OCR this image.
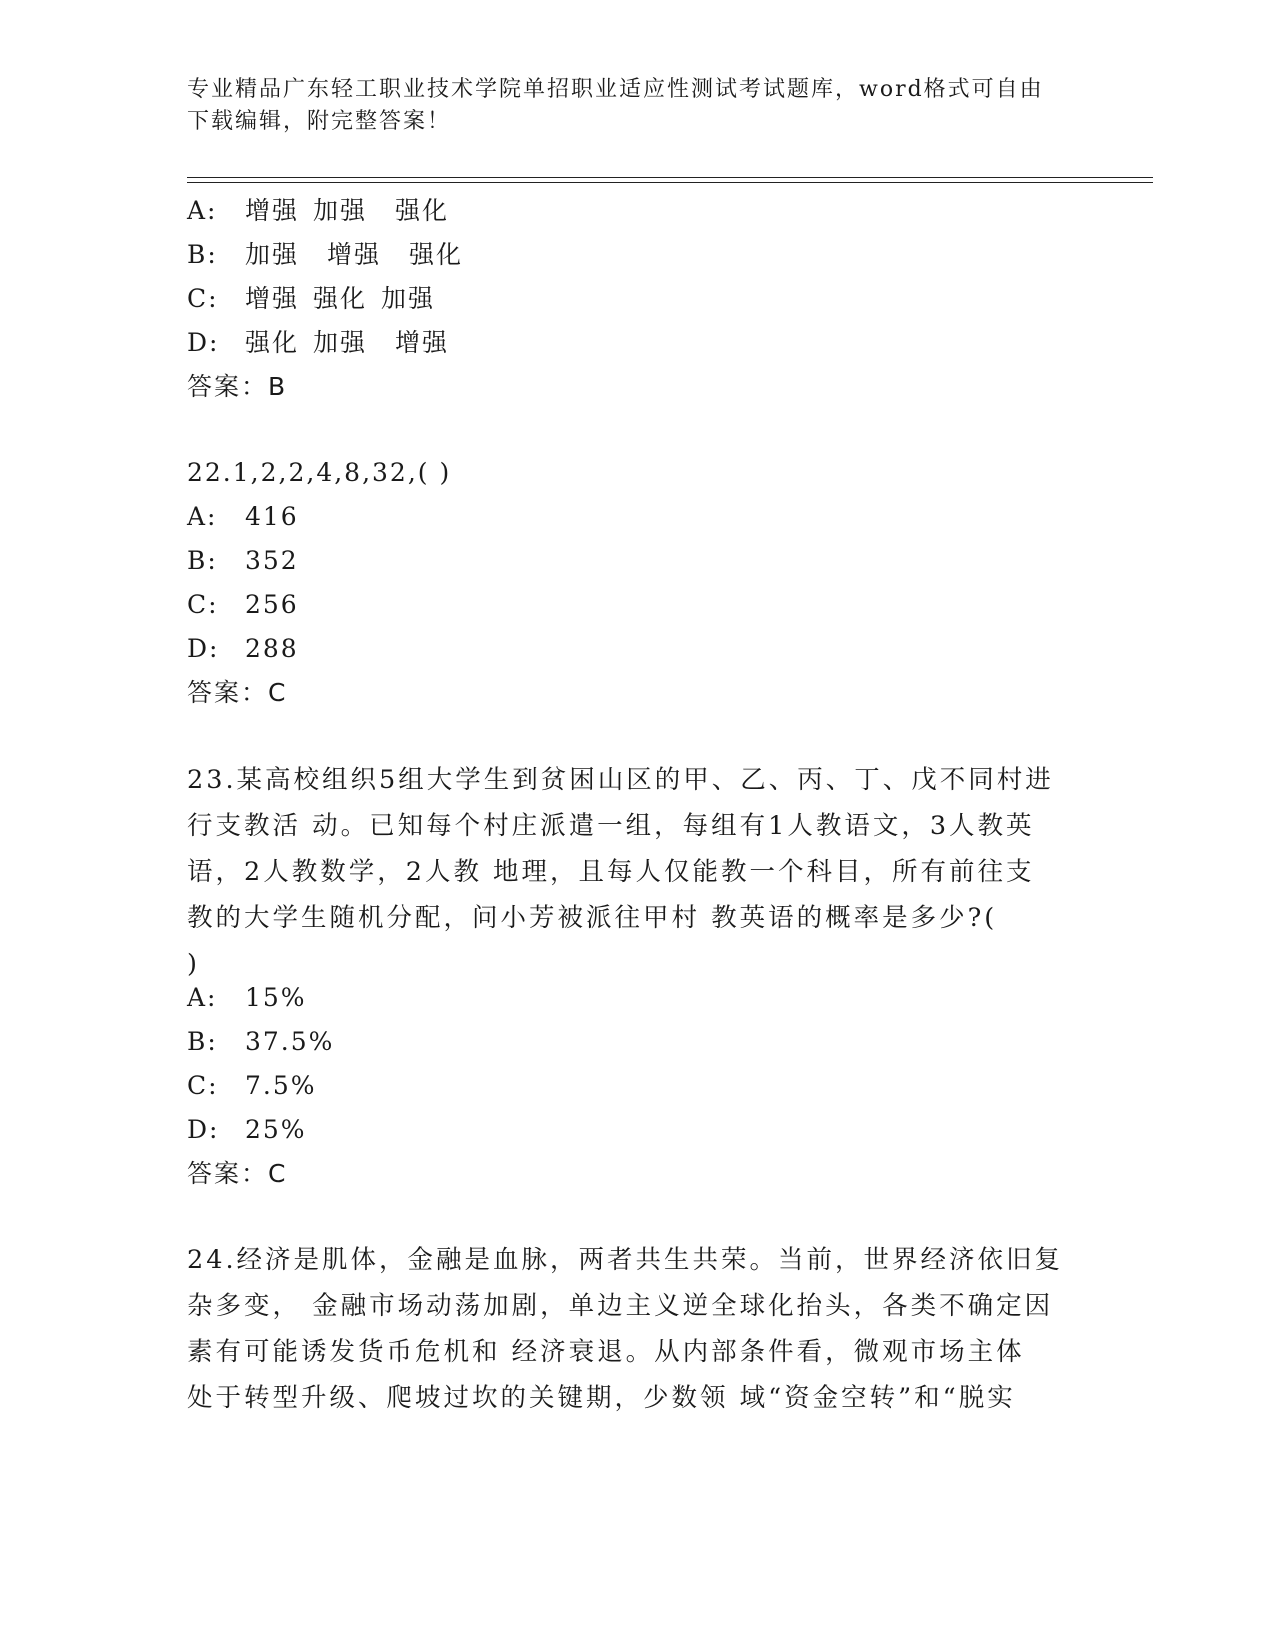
专业精品广东轻工职业技术学院单招职业适应性测试考试题库，word格式可自由
下载编辑，附完整答案！
A: 增强 加强 强化
B: 加强 增强 强化
C: 增强 强化 加强
D: 强化 加强 增强
答案：B
22.1,2,2,4,8,32,( )
A: 416
B: 352
C: 256
D: 288
答案：C
23.某高校组织5组大学生到贫困山区的甲、乙、丙、丁、戊不同村进
行支教活 动。已知每个村庄派遣一组，每组有1人教语文，3人教英
语，2人教数学，2人教 地理，且每人仅能教一个科目，所有前往支
教的大学生随机分配，问小芳被派往甲村 教英语的概率是多少?(
)
A: 15%
B: 37.5%
C: 7.5%
D: 25%
答案：C
24.经济是肌体，金融是血脉，两者共生共荣。当前，世界经济依旧复
杂多变， 金融市场动荡加剧，单边主义逆全球化抬头，各类不确定因
素有可能诱发货币危机和 经济衰退。从内部条件看，微观市场主体
处于转型升级、爬坡过坎的关键期，少数领 域“资金空转”和“脱实
